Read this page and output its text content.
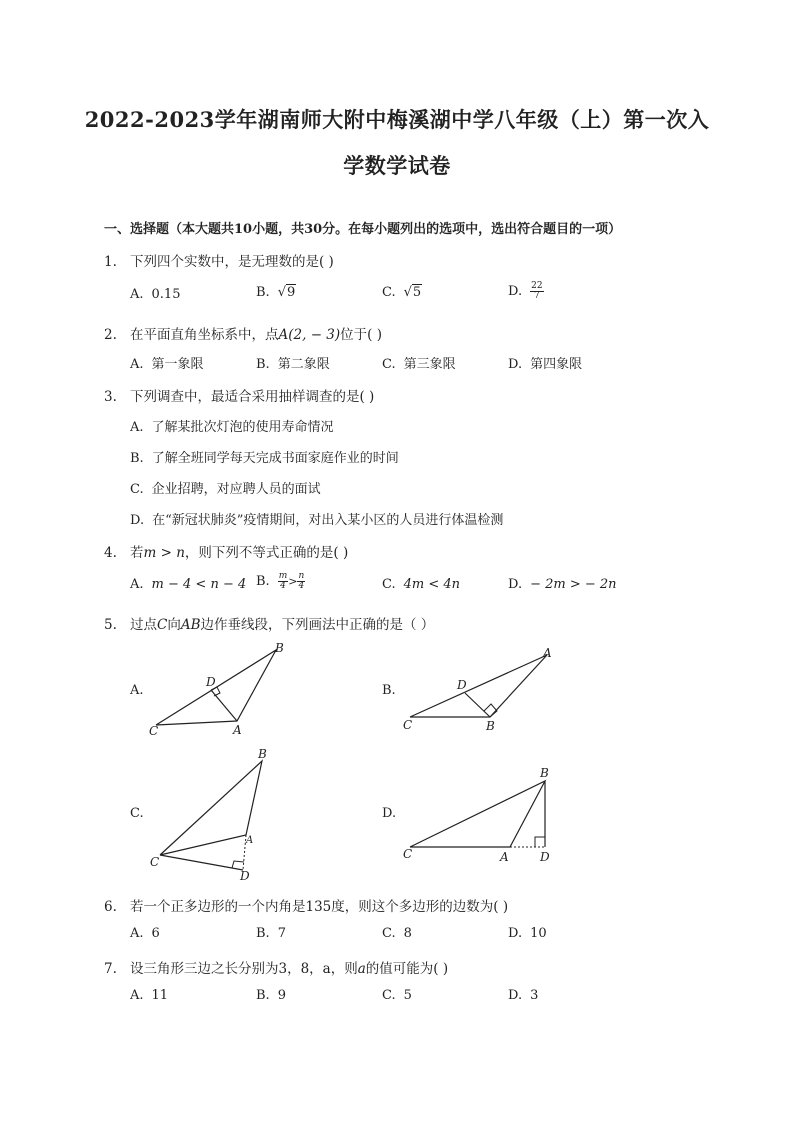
2022-2023学年湖南师大附中梅溪湖中学八年级（上）第一次入
学数学试卷
一、选择题（本大题共10小题，共30分。在每小题列出的选项中，选出符合题目的一项）
1. 下列四个实数中，是无理数的是( )
A. 0.15	B. √9	C. √5	D. $\frac{22}{7}$
2. 在平面直角坐标系中，点A(2, − 3)位于( )
A. 第一象限	B. 第二象限	C. 第三象限	D. 第四象限
3. 下列调查中，最适合采用抽样调查的是( )
A. 了解某批次灯泡的使用寿命情况
B. 了解全班同学每天完成书面家庭作业的时间
C. 企业招聘，对应聘人员的面试
D. 在“新冠状肺炎”疫情期间，对出入某小区的人员进行体温检测
4. 若m > n，则下列不等式正确的是( )
A. m − 4 < n − 4 B. $\frac{m}{4} > \frac{n}{4}$	C. 4m < 4n	D. − 2m > − 2n
5. 过点C向AB边作垂线段，下列画法中正确的是（ ）
A.
D
B
C	A
B.	D
A
C	B
C.
B
A
C
D
D.
B
A
C	D
6. 若一个正多边形的一个内角是135度，则这个多边形的边数为( )
A. 6	B. 7	C. 8	D. 10
7. 设三角形三边之长分别为3，8，a，则a的值可能为( )
A. 11	B. 9	C. 5	D. 3
